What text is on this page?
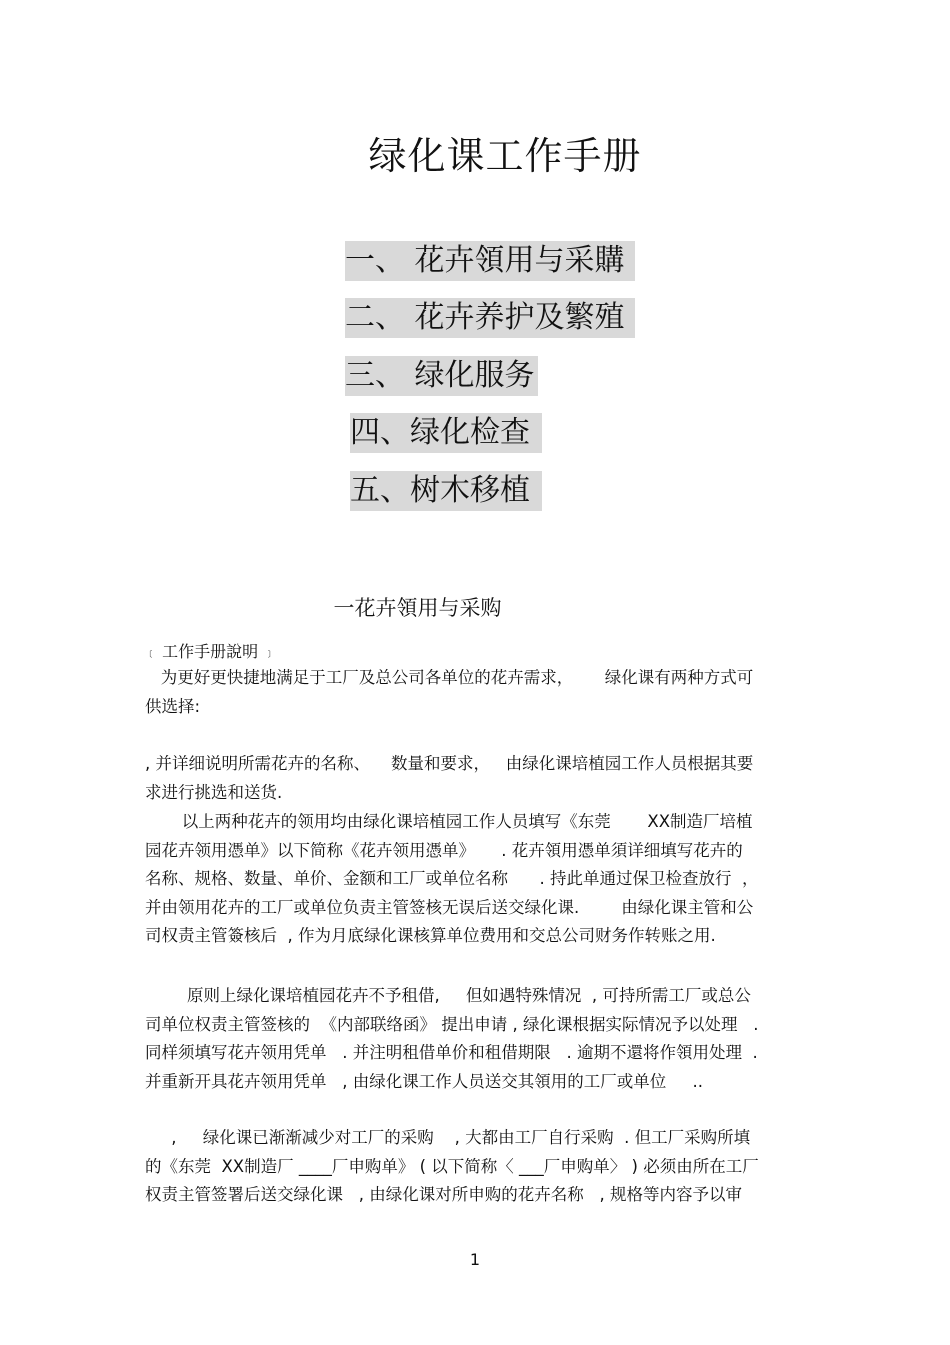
绿化课工作手册
一、 花卉領用与采購
二、 花卉养护及繁殖
三、 绿化服务
四、绿化检查
五、树木移植
一花卉領用与采购
﹝ 工作手册說明 ﹞
为更好更快捷地满足于工厂及总公司各单位的花卉需求，      绿化课有两种方式可
供选择:
, 并详细说明所需花卉的名称、    数量和要求，   由绿化课培植园工作人员根据其要
求进行挑选和送货.
以上两种花卉的领用均由绿化课培植园工作人员填写《东莞       XX制造厂培植
园花卉领用憑单》以下简称《花卉领用憑单》     . 花卉領用憑单須详细填写花卉的
名称、规格、数量、单价、金额和工厂或单位名称      . 持此单通过保卫检查放行  ，
并由领用花卉的工厂或单位负责主管签核无误后送交绿化课.        由绿化课主管和公
司权责主管簽核后  , 作为月底绿化课核算单位费用和交总公司财务作转账之用.
原则上绿化课培植园花卉不予租借,     但如遇特殊情况  , 可持所需工厂或总公
司单位权责主管签核的  《内部联络函》 提出申请 , 绿化课根据实际情况予以处理   .
同样须填写花卉领用凭单   . 并注明租借单价和租借期限   . 逾期不還将作領用处理  .
并重新开具花卉领用凭单   , 由绿化课工作人员送交其領用的工厂或单位     ..
,     绿化课已渐渐减少对工厂的采购    , 大都由工厂自行采购  . 但工厂采购所填
的《东莞  XX制造厂 ____厂申购单》 ( 以下简称〈 ___厂申购单〉 ) 必须由所在工厂
权责主管签署后送交绿化课   , 由绿化课对所申购的花卉名称   , 规格等内容予以审
1
